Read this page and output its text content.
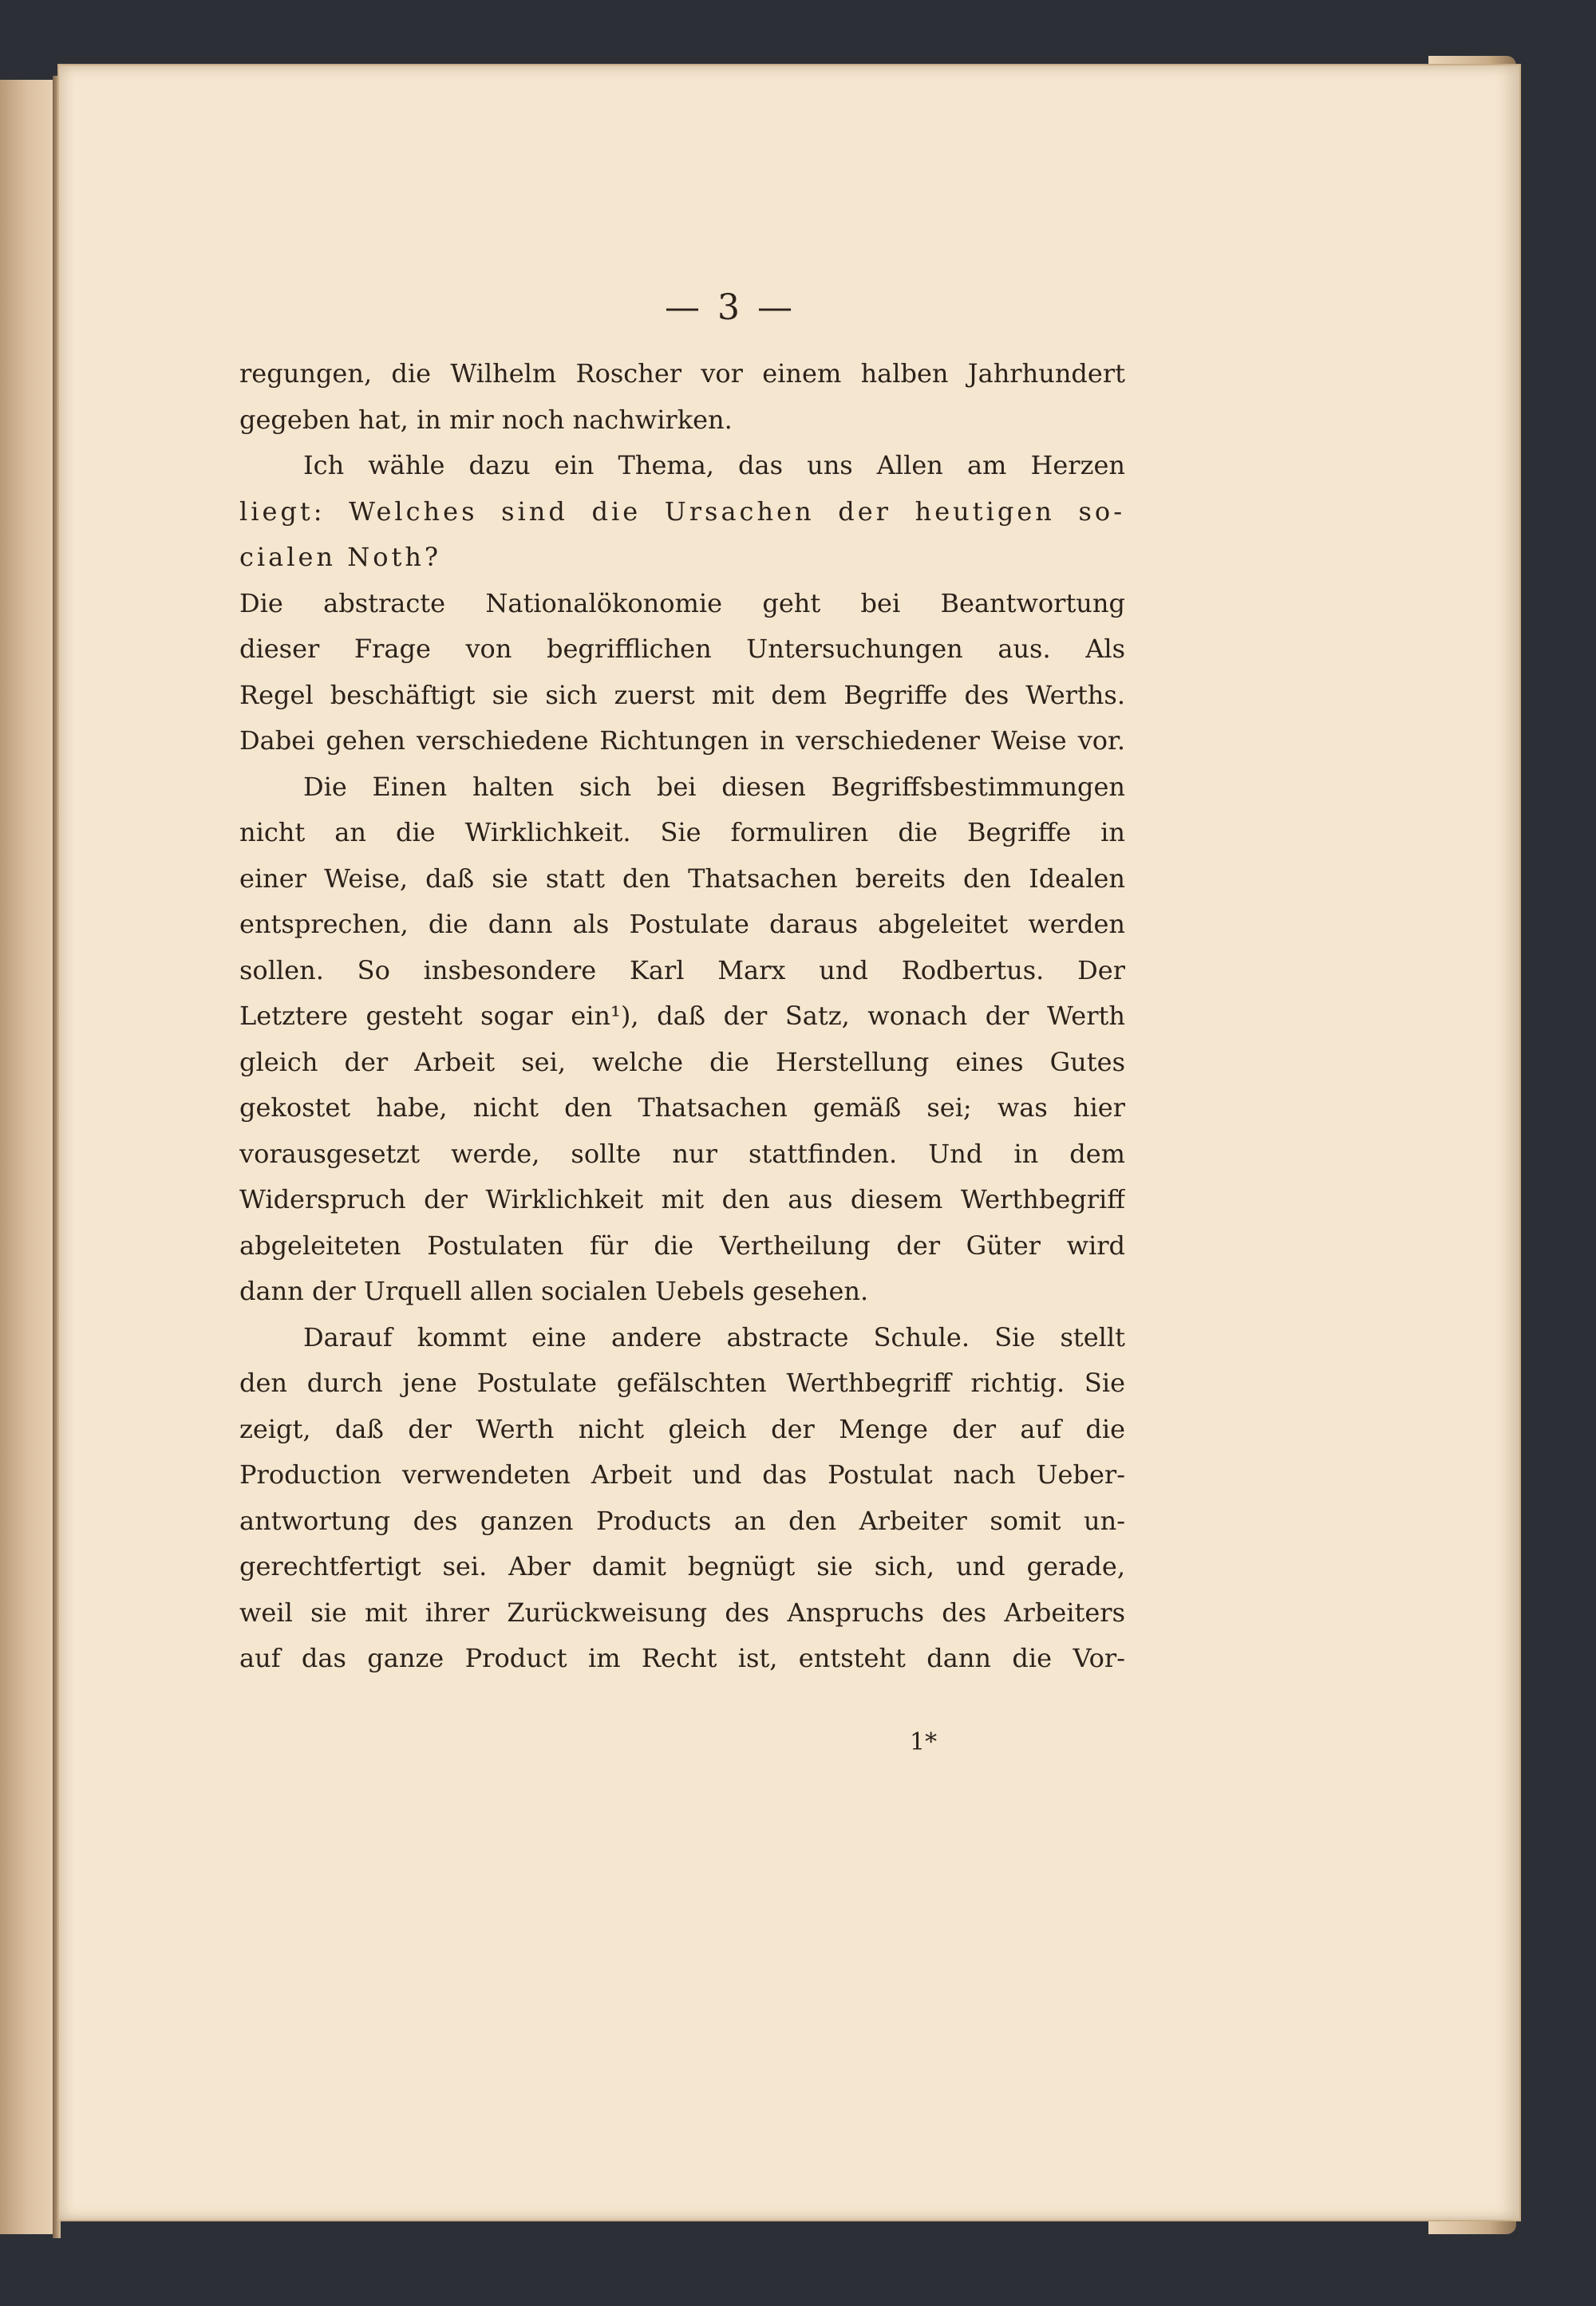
— 3 —
regungen, die Wilhelm Roscher vor einem halben Jahrhundert
gegeben hat, in mir noch nachwirken.
Ich wähle dazu ein Thema, das uns Allen am Herzen
liegt: Welches sind die Ursachen der heutigen so-
cialen Noth?
Die abstracte Nationalökonomie geht bei Beantwortung
dieser Frage von begrifflichen Untersuchungen aus. Als
Regel beschäftigt sie sich zuerst mit dem Begriffe des Werths.
Dabei gehen verschiedene Richtungen in verschiedener Weise vor.
Die Einen halten sich bei diesen Begriffsbestimmungen
nicht an die Wirklichkeit. Sie formuliren die Begriffe in
einer Weise, daß sie statt den Thatsachen bereits den Idealen
entsprechen, die dann als Postulate daraus abgeleitet werden
sollen. So insbesondere Karl Marx und Rodbertus. Der
Letztere gesteht sogar ein¹), daß der Satz, wonach der Werth
gleich der Arbeit sei, welche die Herstellung eines Gutes
gekostet habe, nicht den Thatsachen gemäß sei; was hier
vorausgesetzt werde, sollte nur stattfinden. Und in dem
Widerspruch der Wirklichkeit mit den aus diesem Werthbegriff
abgeleiteten Postulaten für die Vertheilung der Güter wird
dann der Urquell allen socialen Uebels gesehen.
Darauf kommt eine andere abstracte Schule. Sie stellt
den durch jene Postulate gefälschten Werthbegriff richtig. Sie
zeigt, daß der Werth nicht gleich der Menge der auf die
Production verwendeten Arbeit und das Postulat nach Ueber-
antwortung des ganzen Products an den Arbeiter somit un-
gerechtfertigt sei. Aber damit begnügt sie sich, und gerade,
weil sie mit ihrer Zurückweisung des Anspruchs des Arbeiters
auf das ganze Product im Recht ist, entsteht dann die Vor-
1*
